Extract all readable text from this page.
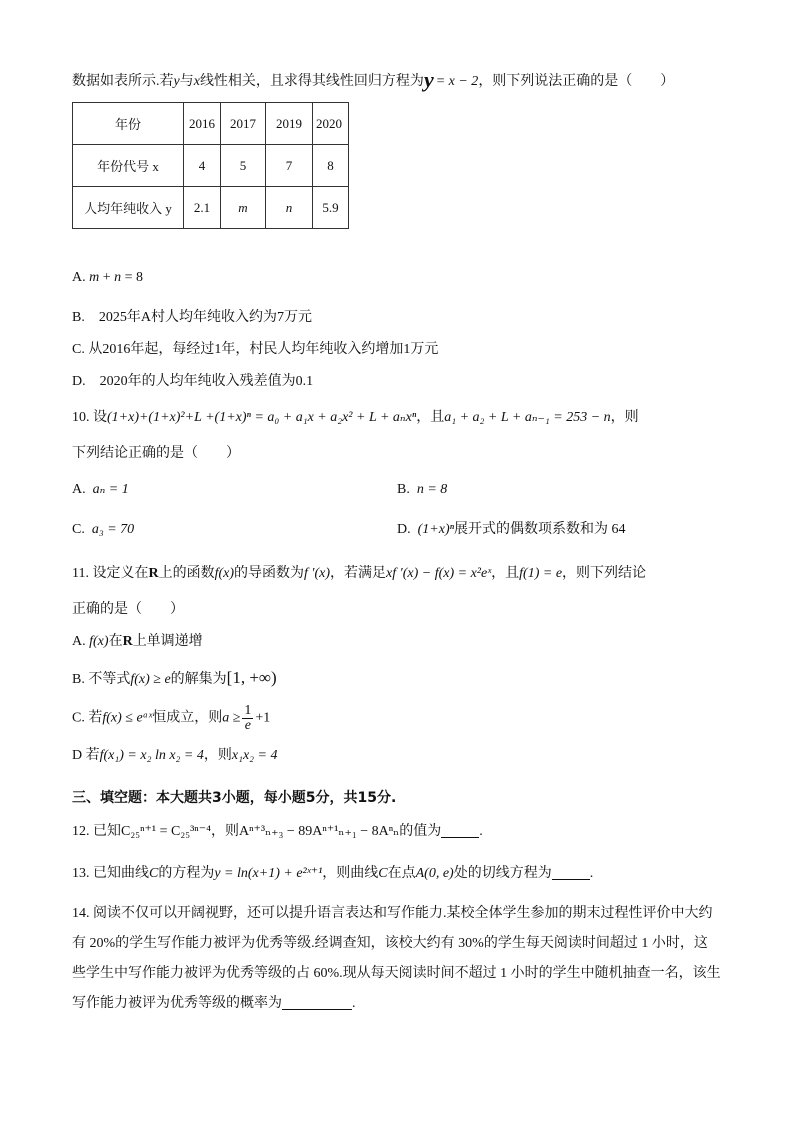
数据如表所示.若y与x线性相关，且求得其线性回归方程为y = x − 2，则下列说法正确的是（　　）
年份	2016	2017	2019	2020
年份代号 x	4	5	7	8
人均年纯收入 y	2.1	m	n	5.9
A. m + n = 8
B.　2025年A村人均年纯收入约为7万元
C. 从2016年起，每经过1年，村民人均年纯收入约增加1万元
D.　2020年的人均年纯收入残差值为0.1
10. 设(1+x)+(1+x)²+L +(1+x)ⁿ = a₀ + a₁x + a₂x² + L + aₙxⁿ，且a₁ + a₂ + L + aₙ₋₁ = 253 − n，则
下列结论正确的是（　　）
A. aₙ = 1	B. n = 8
C. a₃ = 70	D. (1+x)ⁿ展开式的偶数项系数和为 64
11. 设定义在R上的函数f(x)的导函数为f ′(x)，若满足xf ′(x) − f(x) = x²eˣ，且f(1) = e，则下列结论
正确的是（　　）
A. f(x)在R上单调递增
B. 不等式f(x) ≥ e的解集为[1, +∞)
C. 若f(x) ≤ eᵃˣ恒成立，则$a \ge \frac{1}{e} +1$
D 若f(x₁) = x₂ ln x₂ = 4，则x₁x₂ = 4
三、填空题：本大题共3小题，每小题5分，共15分.
12. 已知C₂₅ⁿ⁺¹ = C₂₅³ⁿ⁻⁴，则Aⁿ⁺³ₙ₊₃ − 89Aⁿ⁺¹ₙ₊₁ − 8Aⁿₙ的值为	.
13. 已知曲线C的方程为y = ln(x+1) + e²ˣ⁺¹，则曲线C在点A(0, e)处的切线方程为	.
14. 阅读不仅可以开阔视野，还可以提升语言表达和写作能力.某校全体学生参加的期末过程性评价中大约
有 20%的学生写作能力被评为优秀等级.经调查知，该校大约有 30%的学生每天阅读时间超过 1 小时，这
些学生中写作能力被评为优秀等级的占 60%.现从每天阅读时间不超过 1 小时的学生中随机抽查一名，该生
写作能力被评为优秀等级的概率为	.
